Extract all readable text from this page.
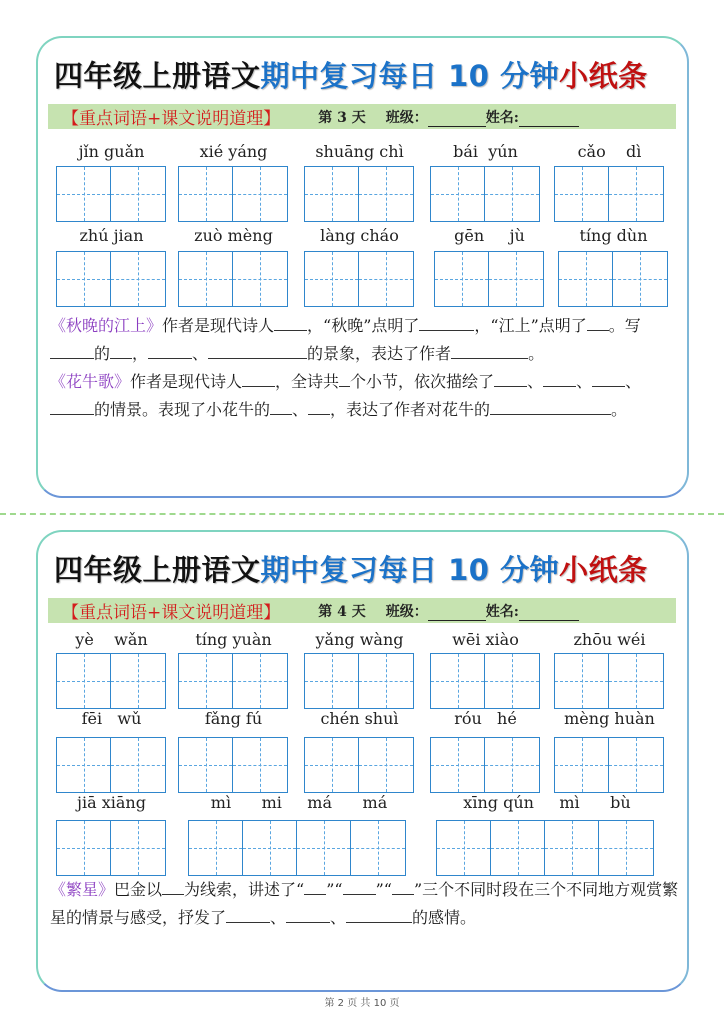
四年级上册语文期中复习每日 10 分钟小纸条
【重点词语+课文说明道理】	第 3 天 班级：	姓名:
jǐn guǎn	xié yáng	shuāng chì	bái  yún	cǎo    dì
zhú jian	zuò mèng	làng cháo	gēn     jù	tíng dùn
《秋晚的江上》作者是现代诗人 ，“秋晚”点明了	，“江上”点明了 。写的 ，	、	的景象，表达了作者	。
《花牛歌》作者是现代诗人 ，全诗共 个小节，依次描绘了 、 、 、的情景。表现了小花牛的 、 ，表达了作者对花牛的	。
四年级上册语文期中复习每日 10 分钟小纸条
【重点词语+课文说明道理】	第 4 天 班级：	姓名:
yè    wǎn	tíng yuàn	yǎng wàng	wēi xiào	zhōu wéi
fēi   wǔ	fǎng fú	chén shuì	róu   hé	mèng huàn
jiā xiāng	mì      mi     má      má	xīng qún     mì      bù
《繁星》巴金以 为线索，讲述了“ ”“ ”“ ”三个不同时段在三个不同地方观赏繁星的情景与感受，抒发了	、	、	的感情。
第 2 页 共 10 页
